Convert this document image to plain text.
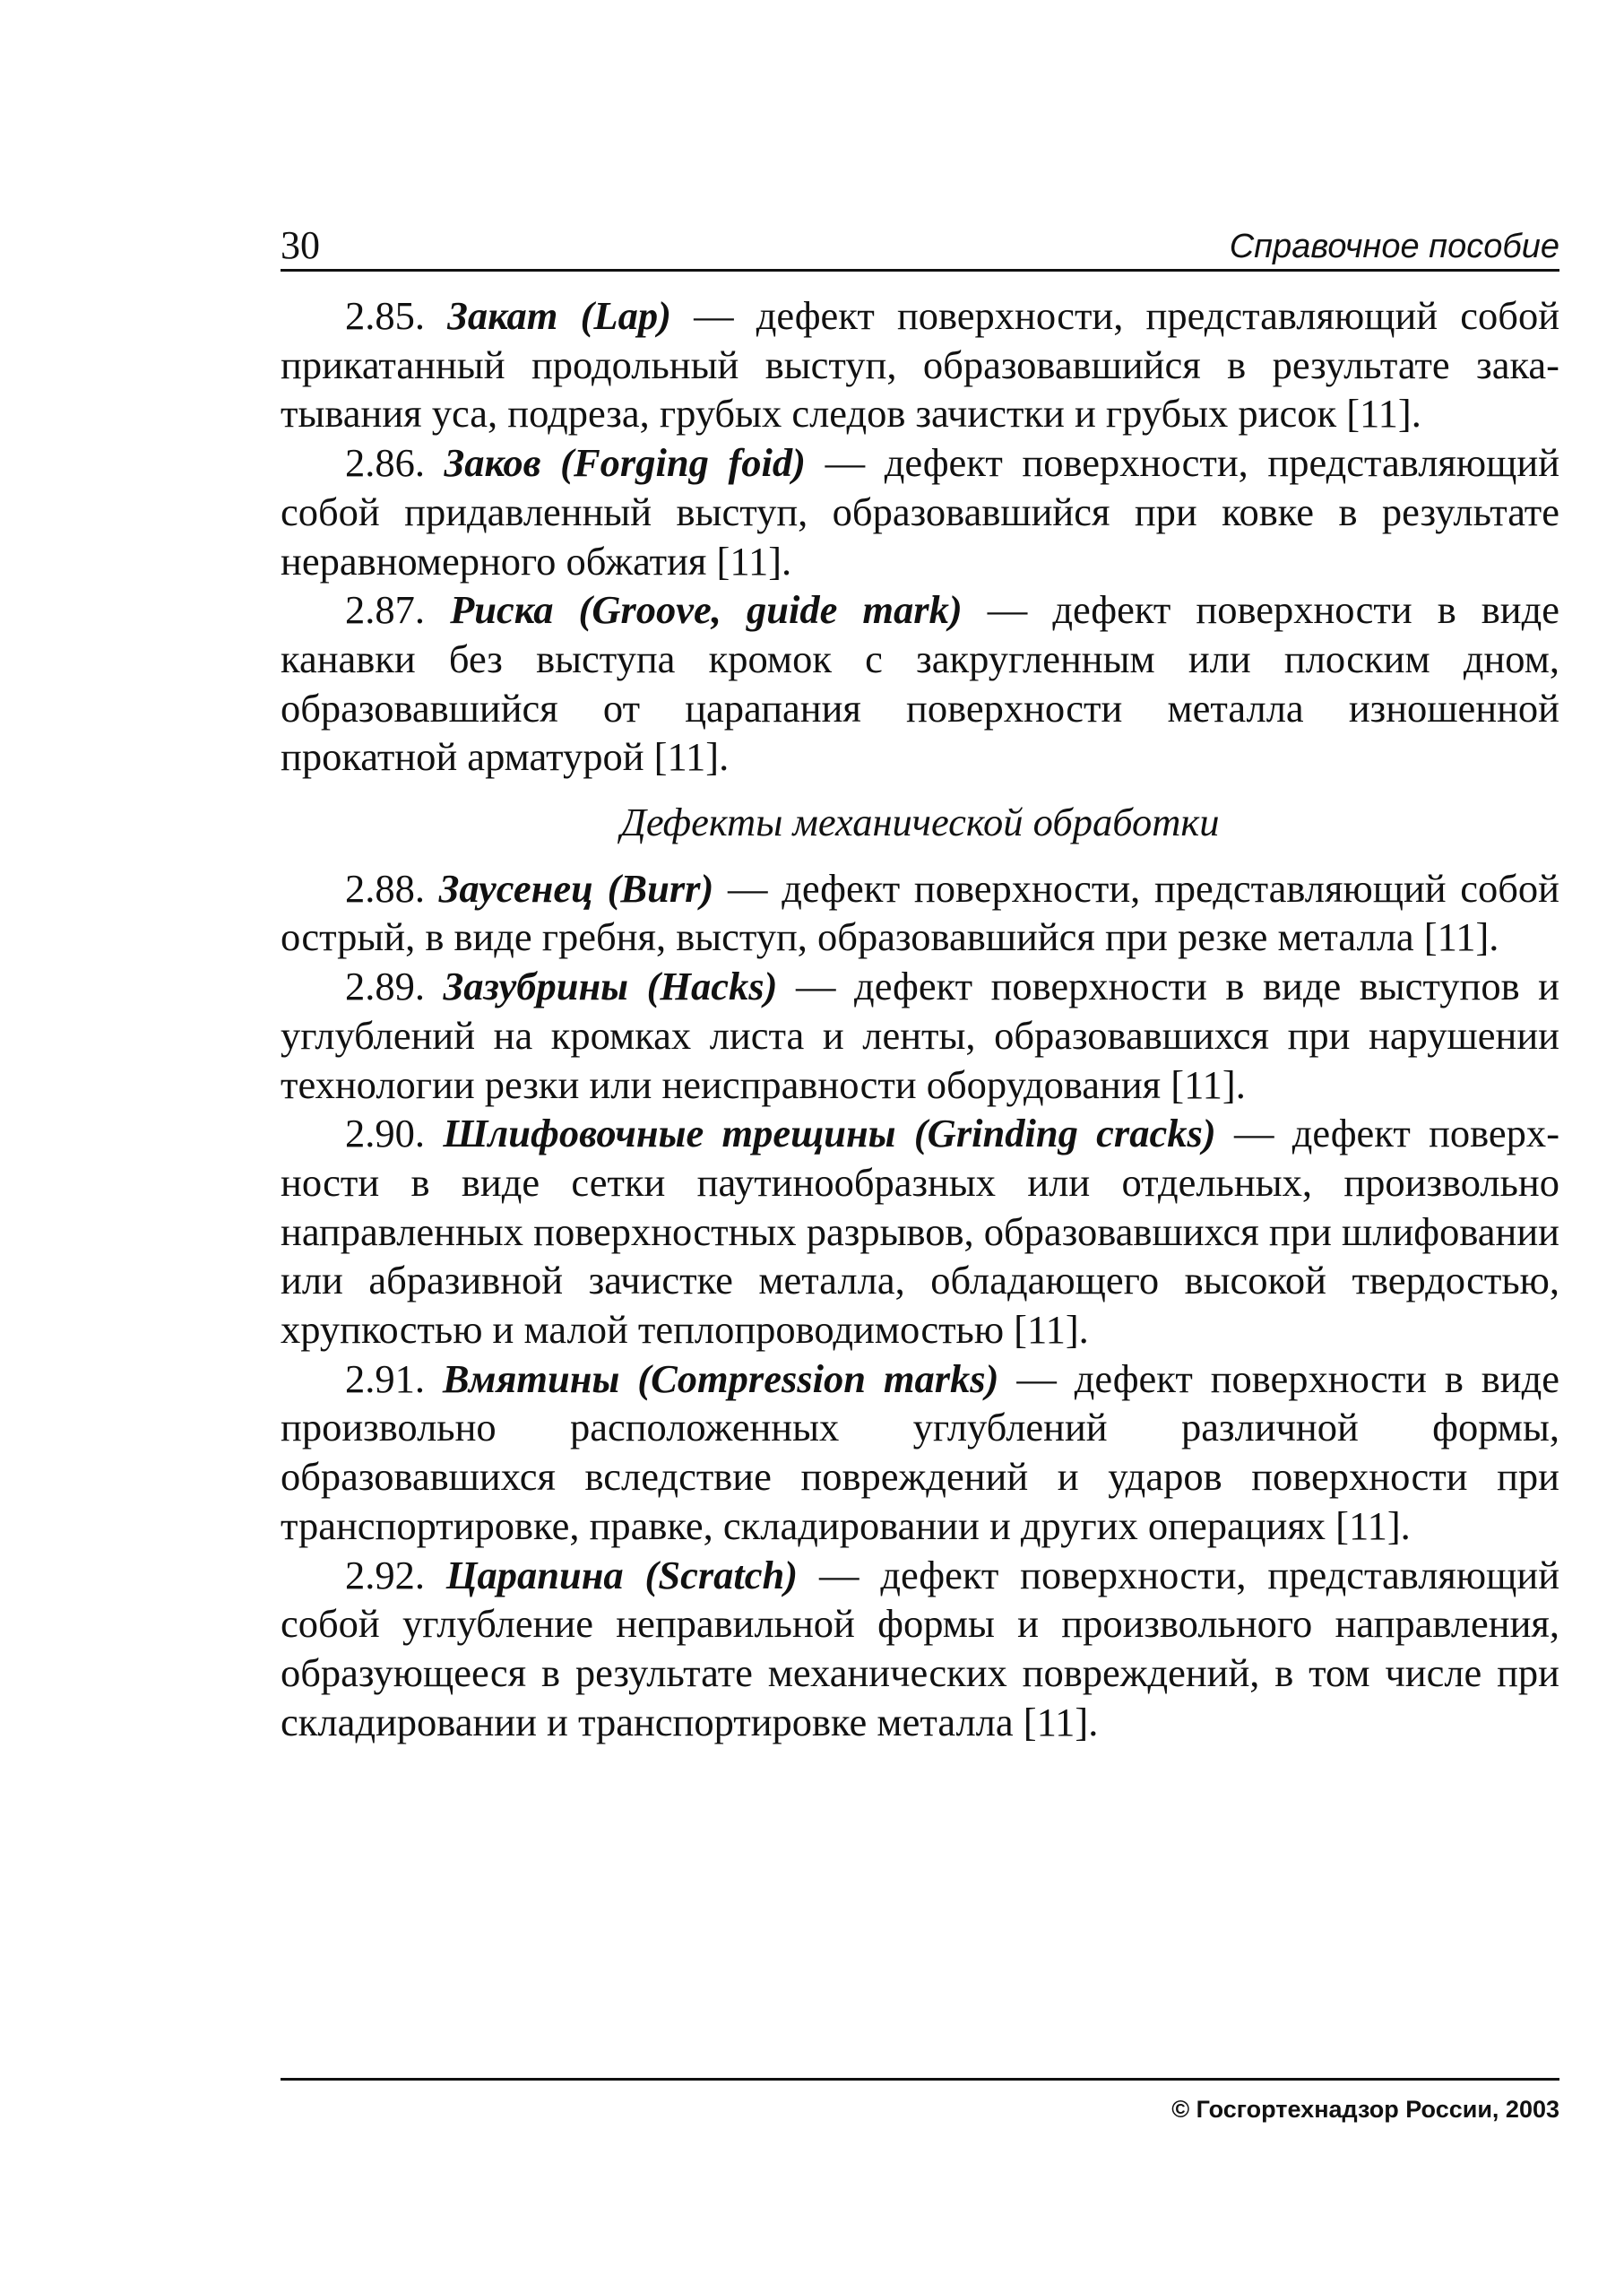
30	Справочное пособие

2.85. Закат (Lap) — дефект поверхности, представляющий собой прикатанный продольный выступ, образовавшийся в результате закатывания уса, подреза, грубых следов зачистки и грубых рисок [11].

2.86. Заков (Forging foid) — дефект поверхности, представляющий собой придавленный выступ, образовавшийся при ковке в результате неравномерного обжатия [11].

2.87. Риска (Groove, guide mark) — дефект поверхности в виде канавки без выступа кромок с закругленным или плоским дном, образовавшийся от царапания поверхности металла изношенной прокатной арматурой [11].

Дефекты механической обработки

2.88. Заусенец (Burr) — дефект поверхности, представляющий собой острый, в виде гребня, выступ, образовавшийся при резке металла [11].

2.89. Зазубрины (Hacks) — дефект поверхности в виде выступов и углублений на кромках листа и ленты, образовавшихся при нарушении технологии резки или неисправности оборудования [11].

2.90. Шлифовочные трещины (Grinding cracks) — дефект поверхности в виде сетки паутинообразных или отдельных, произвольно направленных поверхностных разрывов, образовавшихся при шлифовании или абразивной зачистке металла, обладающего высокой твердостью, хрупкостью и малой теплопроводимостью [11].

2.91. Вмятины (Compression marks) — дефект поверхности в виде произвольно расположенных углублений различной формы, образовавшихся вследствие повреждений и ударов поверхности при транспортировке, правке, складировании и других операциях [11].

2.92. Царапина (Scratch) — дефект поверхности, представляющий собой углубление неправильной формы и произвольного направления, образующееся в результате механических повреждений, в том числе при складировании и транспортировке металла [11].

© Госгортехнадзор России, 2003
